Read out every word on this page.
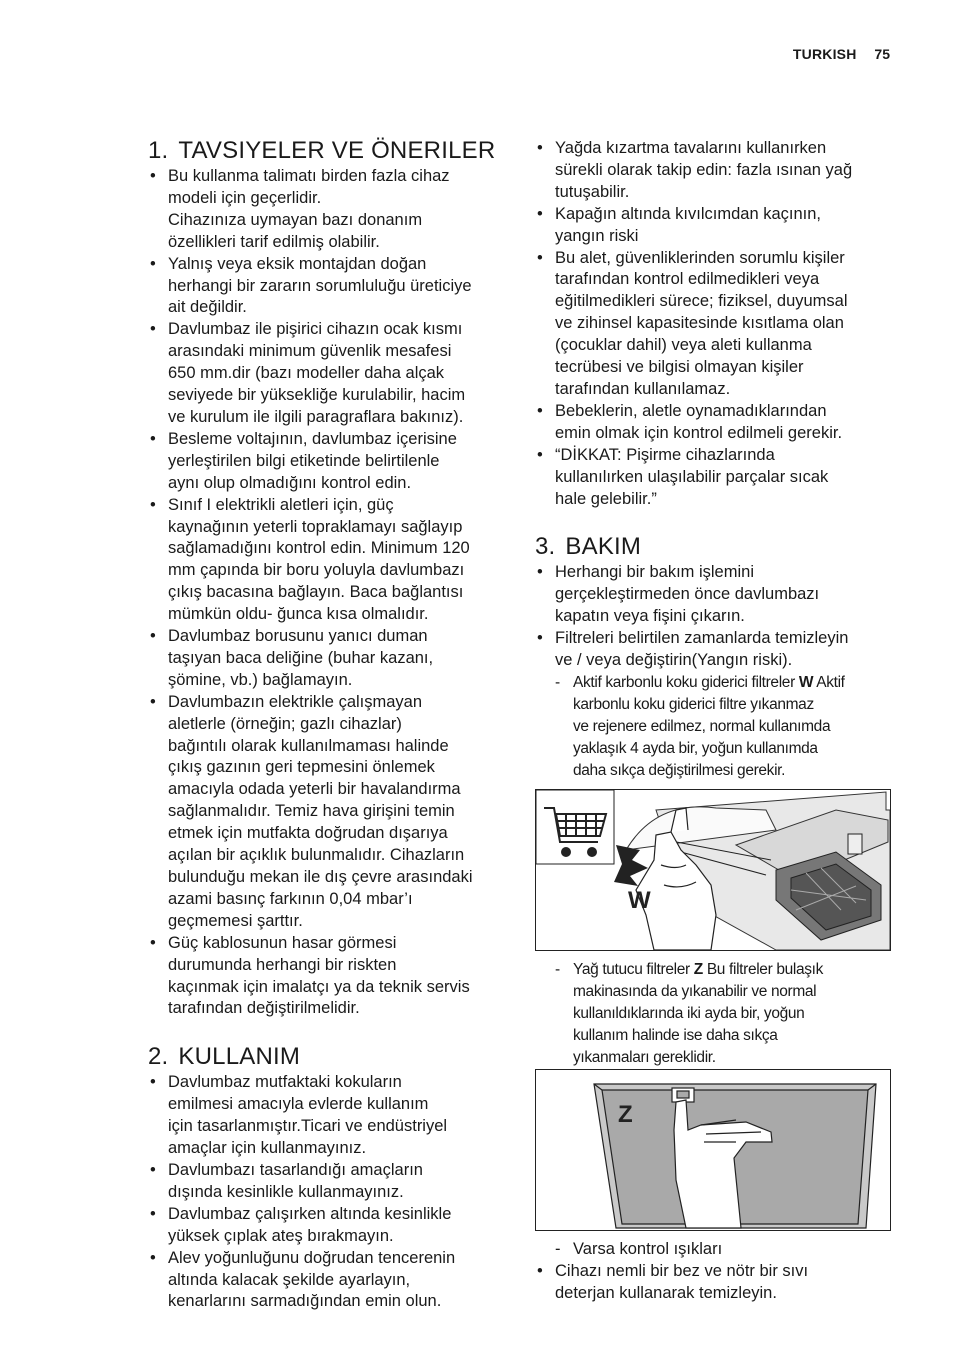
TURKISH 75
1. TAVSIYELER VE ÖNERILER
• Bu kullanma talimatı birden fazla cihaz
modeli için geçerlidir.
Cihazınıza uymayan bazı donanım
özellikleri tarif edilmiş olabilir.
• Yalnış veya eksik montajdan doğan
herhangi bir zararın sorumluluğu üreticiye
ait değildir.
• Davlumbaz ile pişirici cihazın ocak kısmı
arasındaki minimum güvenlik mesafesi
650 mm.dir (bazı modeller daha alçak
seviyede bir yüksekliğe kurulabilir, hacim
ve kurulum ile ilgili paragraflara bakınız).
• Besleme voltajının, davlumbaz içerisine
yerleştirilen bilgi etiketinde belirtilenle
aynı olup olmadığını kontrol edin.
• Sınıf I elektrikli aletleri için, güç
kaynağının yeterli topraklamayı sağlayıp
sağlamadığını kontrol edin. Minimum 120
mm çapında bir boru yoluyla davlumbazı
çıkış bacasına bağlayın. Baca bağlantısı
mümkün oldu- ğunca kısa olmalıdır.
• Davlumbaz borusunu yanıcı duman
taşıyan baca deliğine (buhar kazanı,
şömine, vb.) bağlamayın.
• Davlumbazın elektrikle çalışmayan
aletlerle (örneğin; gazlı cihazlar)
bağıntılı olarak kullanılmaması halinde
çıkış gazının geri tepmesini önlemek
amacıyla odada yeterli bir havalandırma
sağlanmalıdır. Temiz hava girişini temin
etmek için mutfakta doğrudan dışarıya
açılan bir açıklık bulunmalıdır. Cihazların
bulunduğu mekan ile dış çevre arasındaki
azami basınç farkının 0,04 mbar’ı
geçmemesi şarttır.
• Güç kablosunun hasar görmesi
durumunda herhangi bir riskten
kaçınmak için imalatçı ya da teknik servis
tarafından değiştirilmelidir.
2. KULLANIM
• Davlumbaz mutfaktaki kokuların
emilmesi amacıyla evlerde kullanım
için tasarlanmıştır.Ticari ve endüstriyel
amaçlar için kullanmayınız.
• Davlumbazı tasarlandığı amaçların
dışında kesinlikle kullanmayınız.
• Davlumbaz çalışırken altında kesinlikle
yüksek çıplak ateş bırakmayın.
• Alev yoğunluğunu doğrudan tencerenin
altında kalacak şekilde ayarlayın,
kenarlarını sarmadığından emin olun.
• Yağda kızartma tavalarını kullanırken
sürekli olarak takip edin: fazla ısınan yağ
tutuşabilir.
• Kapağın altında kıvılcımdan kaçının,
yangın riski
• Bu alet, güvenliklerinden sorumlu kişiler
tarafından kontrol edilmedikleri veya
eğitilmedikleri sürece; fiziksel, duyumsal
ve zihinsel kapasitesinde kısıtlama olan
(çocuklar dahil) veya aleti kullanma
tecrübesi ve bilgisi olmayan kişiler
tarafından kullanılamaz.
• Bebeklerin, aletle oynamadıklarından
emin olmak için kontrol edilmeli gerekir.
• “DİKKAT: Pişirme cihazlarında
kullanılırken ulaşılabilir parçalar sıcak
hale gelebilir.”
3. BAKIM
• Herhangi bir bakım işlemini
gerçekleştirmeden önce davlumbazı
kapatın veya fişini çıkarın.
• Filtreleri belirtilen zamanlarda temizleyin
ve / veya değiştirin(Yangın riski).
- Aktif karbonlu koku giderici filtreler W Aktif
karbonlu koku giderici filtre yıkanmaz
ve rejenere edilmez, normal kullanımda
yaklaşık 4 ayda bir, yoğun kullanımda
daha sıkça değiştirilmesi gerekir.
W
- Yağ tutucu filtreler Z Bu filtreler bulaşık
makinasında da yıkanabilir ve normal
kullanıldıklarında iki ayda bir, yoğun
kullanım halinde ise daha sıkça
yıkanmaları gereklidir.
Z
- Varsa kontrol ışıkları
• Cihazı nemli bir bez ve nötr bir sıvı
deterjan kullanarak temizleyin.
